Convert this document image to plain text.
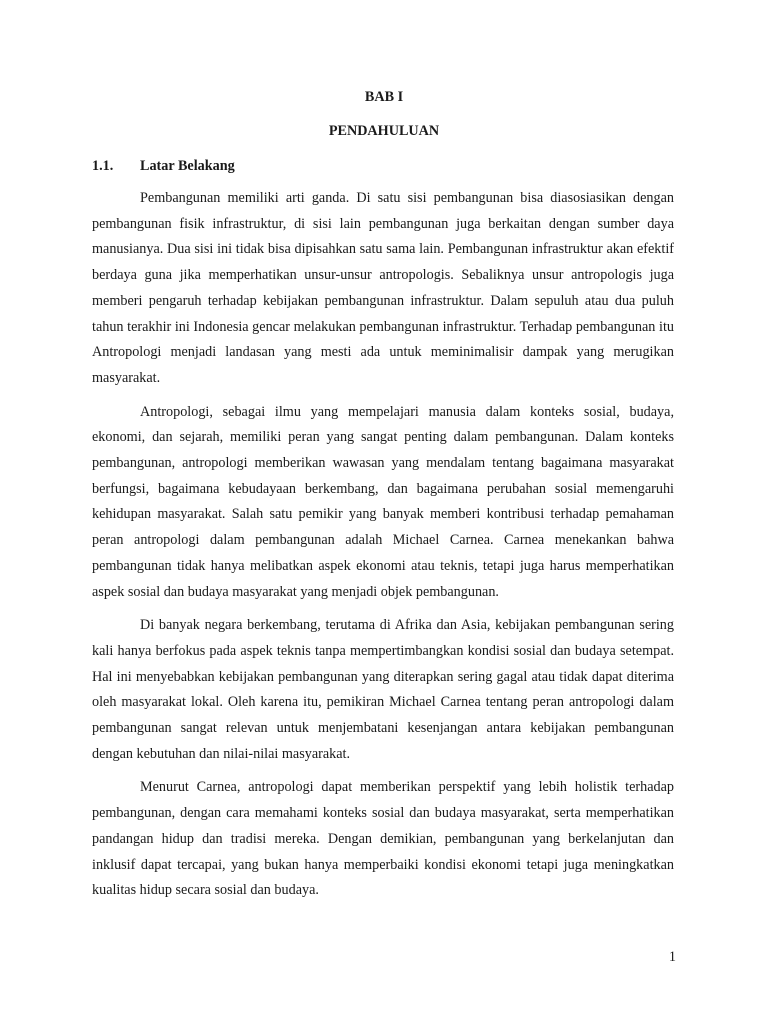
BAB I
PENDAHULUAN
1.1. Latar Belakang

Pembangunan memiliki arti ganda. Di satu sisi pembangunan bisa diasosiasikan dengan pembangunan fisik infrastruktur, di sisi lain pembangunan juga berkaitan dengan sumber daya manusianya. Dua sisi ini tidak bisa dipisahkan satu sama lain. Pembangunan infrastruktur akan efektif berdaya guna jika memperhatikan unsur-unsur antropologis. Sebaliknya unsur antropologis juga memberi pengaruh terhadap kebijakan pembangunan infrastruktur. Dalam sepuluh atau dua puluh tahun terakhir ini Indonesia gencar melakukan pembangunan infrastruktur. Terhadap pembangunan itu Antropologi menjadi landasan yang mesti ada untuk meminimalisir dampak yang merugikan masyarakat.

Antropologi, sebagai ilmu yang mempelajari manusia dalam konteks sosial, budaya, ekonomi, dan sejarah, memiliki peran yang sangat penting dalam pembangunan. Dalam konteks pembangunan, antropologi memberikan wawasan yang mendalam tentang bagaimana masyarakat berfungsi, bagaimana kebudayaan berkembang, dan bagaimana perubahan sosial memengaruhi kehidupan masyarakat. Salah satu pemikir yang banyak memberi kontribusi terhadap pemahaman peran antropologi dalam pembangunan adalah Michael Carnea. Carnea menekankan bahwa pembangunan tidak hanya melibatkan aspek ekonomi atau teknis, tetapi juga harus memperhatikan aspek sosial dan budaya masyarakat yang menjadi objek pembangunan.

Di banyak negara berkembang, terutama di Afrika dan Asia, kebijakan pembangunan sering kali hanya berfokus pada aspek teknis tanpa mempertimbangkan kondisi sosial dan budaya setempat. Hal ini menyebabkan kebijakan pembangunan yang diterapkan sering gagal atau tidak dapat diterima oleh masyarakat lokal. Oleh karena itu, pemikiran Michael Carnea tentang peran antropologi dalam pembangunan sangat relevan untuk menjembatani kesenjangan antara kebijakan pembangunan dengan kebutuhan dan nilai-nilai masyarakat.

Menurut Carnea, antropologi dapat memberikan perspektif yang lebih holistik terhadap pembangunan, dengan cara memahami konteks sosial dan budaya masyarakat, serta memperhatikan pandangan hidup dan tradisi mereka. Dengan demikian, pembangunan yang berkelanjutan dan inklusif dapat tercapai, yang bukan hanya memperbaiki kondisi ekonomi tetapi juga meningkatkan kualitas hidup secara sosial dan budaya.

1
